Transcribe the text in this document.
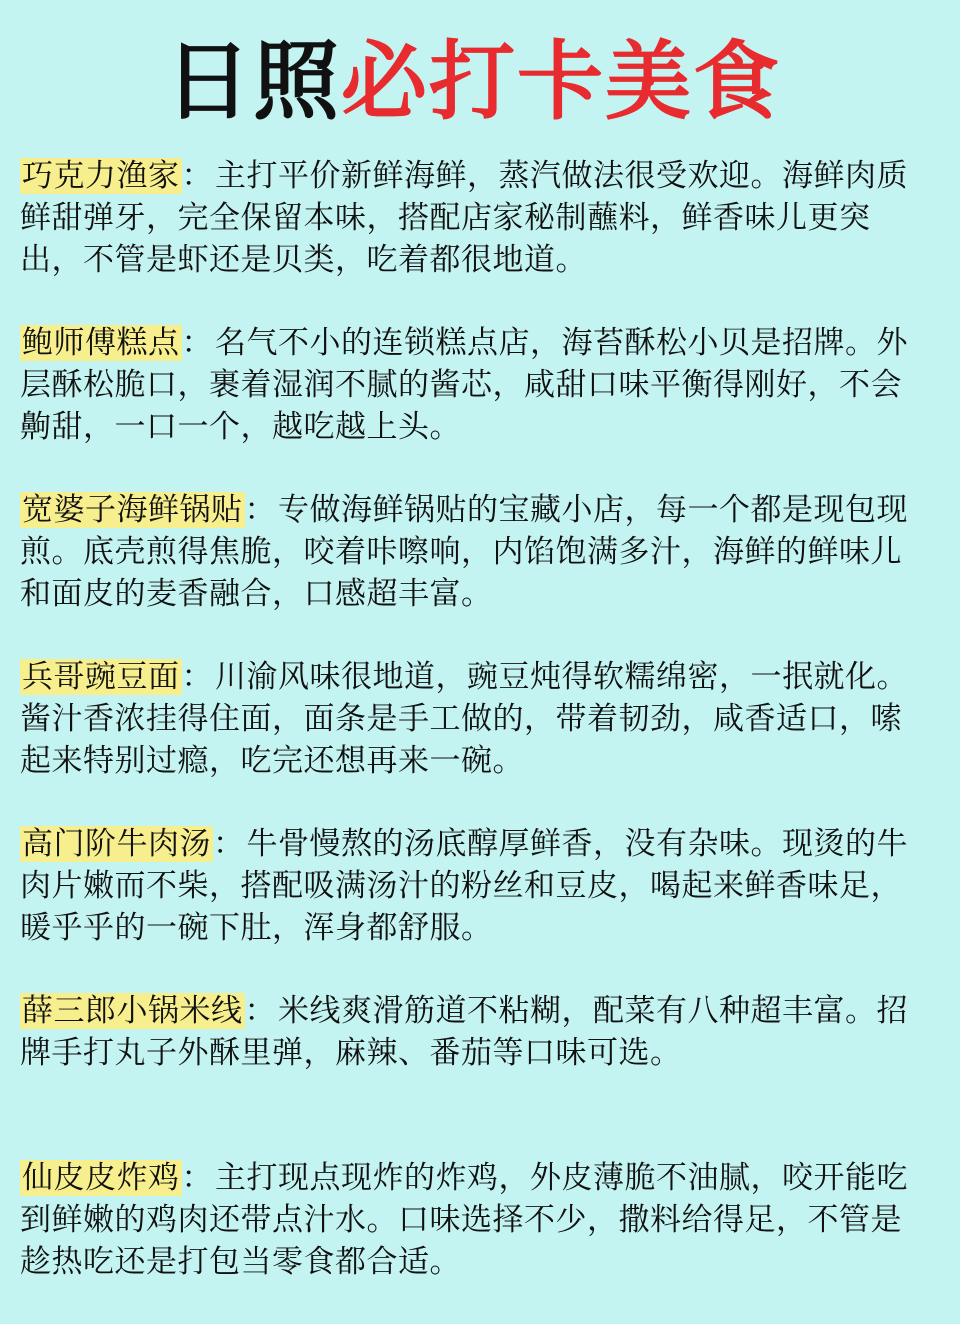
日照必打卡美食

巧克力渔家：主打平价新鲜海鲜，蒸汽做法很受欢迎。海鲜肉质鲜甜弹牙，完全保留本味，搭配店家秘制蘸料，鲜香味儿更突出，不管是虾还是贝类，吃着都很地道。

鲍师傅糕点：名气不小的连锁糕点店，海苔酥松小贝是招牌。外层酥松脆口，裹着湿润不腻的酱芯，咸甜口味平衡得刚好，不会齁甜，一口一个，越吃越上头。

宽婆子海鲜锅贴：专做海鲜锅贴的宝藏小店，每一个都是现包现煎。底壳煎得焦脆，咬着咔嚓响，内馅饱满多汁，海鲜的鲜味儿和面皮的麦香融合，口感超丰富。

兵哥豌豆面：川渝风味很地道，豌豆炖得软糯绵密，一抿就化。酱汁香浓挂得住面，面条是手工做的，带着韧劲，咸香适口，嗦起来特别过瘾，吃完还想再来一碗。

高门阶牛肉汤：牛骨慢熬的汤底醇厚鲜香，没有杂味。现烫的牛肉片嫩而不柴，搭配吸满汤汁的粉丝和豆皮，喝起来鲜香味足，暖乎乎的一碗下肚，浑身都舒服。

薛三郎小锅米线：米线爽滑筋道不粘糊，配菜有八种超丰富。招牌手打丸子外酥里弹，麻辣、番茄等口味可选。

仙皮皮炸鸡：主打现点现炸的炸鸡，外皮薄脆不油腻，咬开能吃到鲜嫩的鸡肉还带点汁水。口味选择不少，撒料给得足，不管是趁热吃还是打包当零食都合适。
